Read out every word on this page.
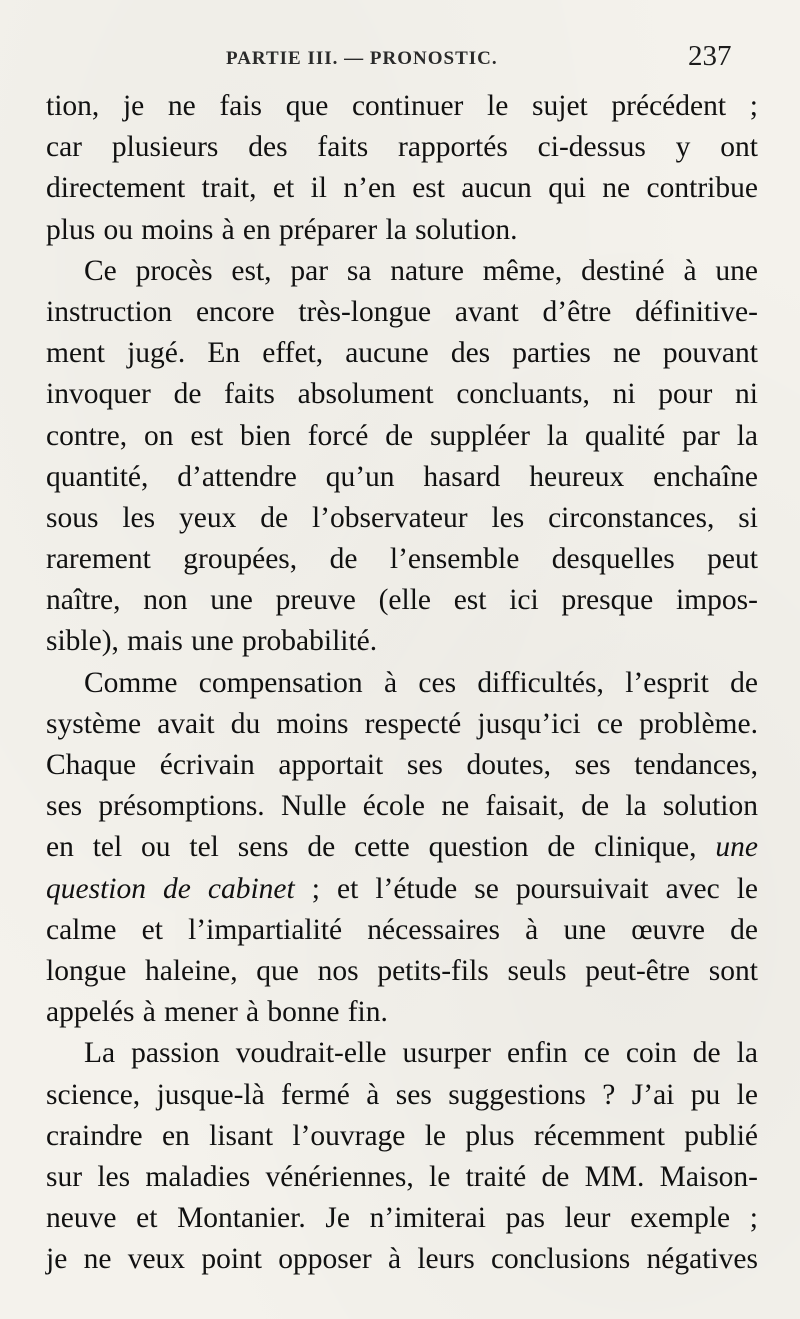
PARTIE III. — PRONOSTIC.	237
tion, je ne fais que continuer le sujet précédent ;
car plusieurs des faits rapportés ci-dessus y ont
directement trait, et il n’en est aucun qui ne contribue
plus ou moins à en préparer la solution.
Ce procès est, par sa nature même, destiné à une
instruction encore très-longue avant d’être définitive-
ment jugé. En effet, aucune des parties ne pouvant
invoquer de faits absolument concluants, ni pour ni
contre, on est bien forcé de suppléer la qualité par la
quantité, d’attendre qu’un hasard heureux enchaîne
sous les yeux de l’observateur les circonstances, si
rarement groupées, de l’ensemble desquelles peut
naître, non une preuve (elle est ici presque impos-
sible), mais une probabilité.
Comme compensation à ces difficultés, l’esprit de
système avait du moins respecté jusqu’ici ce problème.
Chaque écrivain apportait ses doutes, ses tendances,
ses présomptions. Nulle école ne faisait, de la solution
en tel ou tel sens de cette question de clinique, une
question de cabinet ; et l’étude se poursuivait avec le
calme et l’impartialité nécessaires à une œuvre de
longue haleine, que nos petits-fils seuls peut-être sont
appelés à mener à bonne fin.
La passion voudrait-elle usurper enfin ce coin de la
science, jusque-là fermé à ses suggestions ? J’ai pu le
craindre en lisant l’ouvrage le plus récemment publié
sur les maladies vénériennes, le traité de MM. Maison-
neuve et Montanier. Je n’imiterai pas leur exemple ;
je ne veux point opposer à leurs conclusions négatives
